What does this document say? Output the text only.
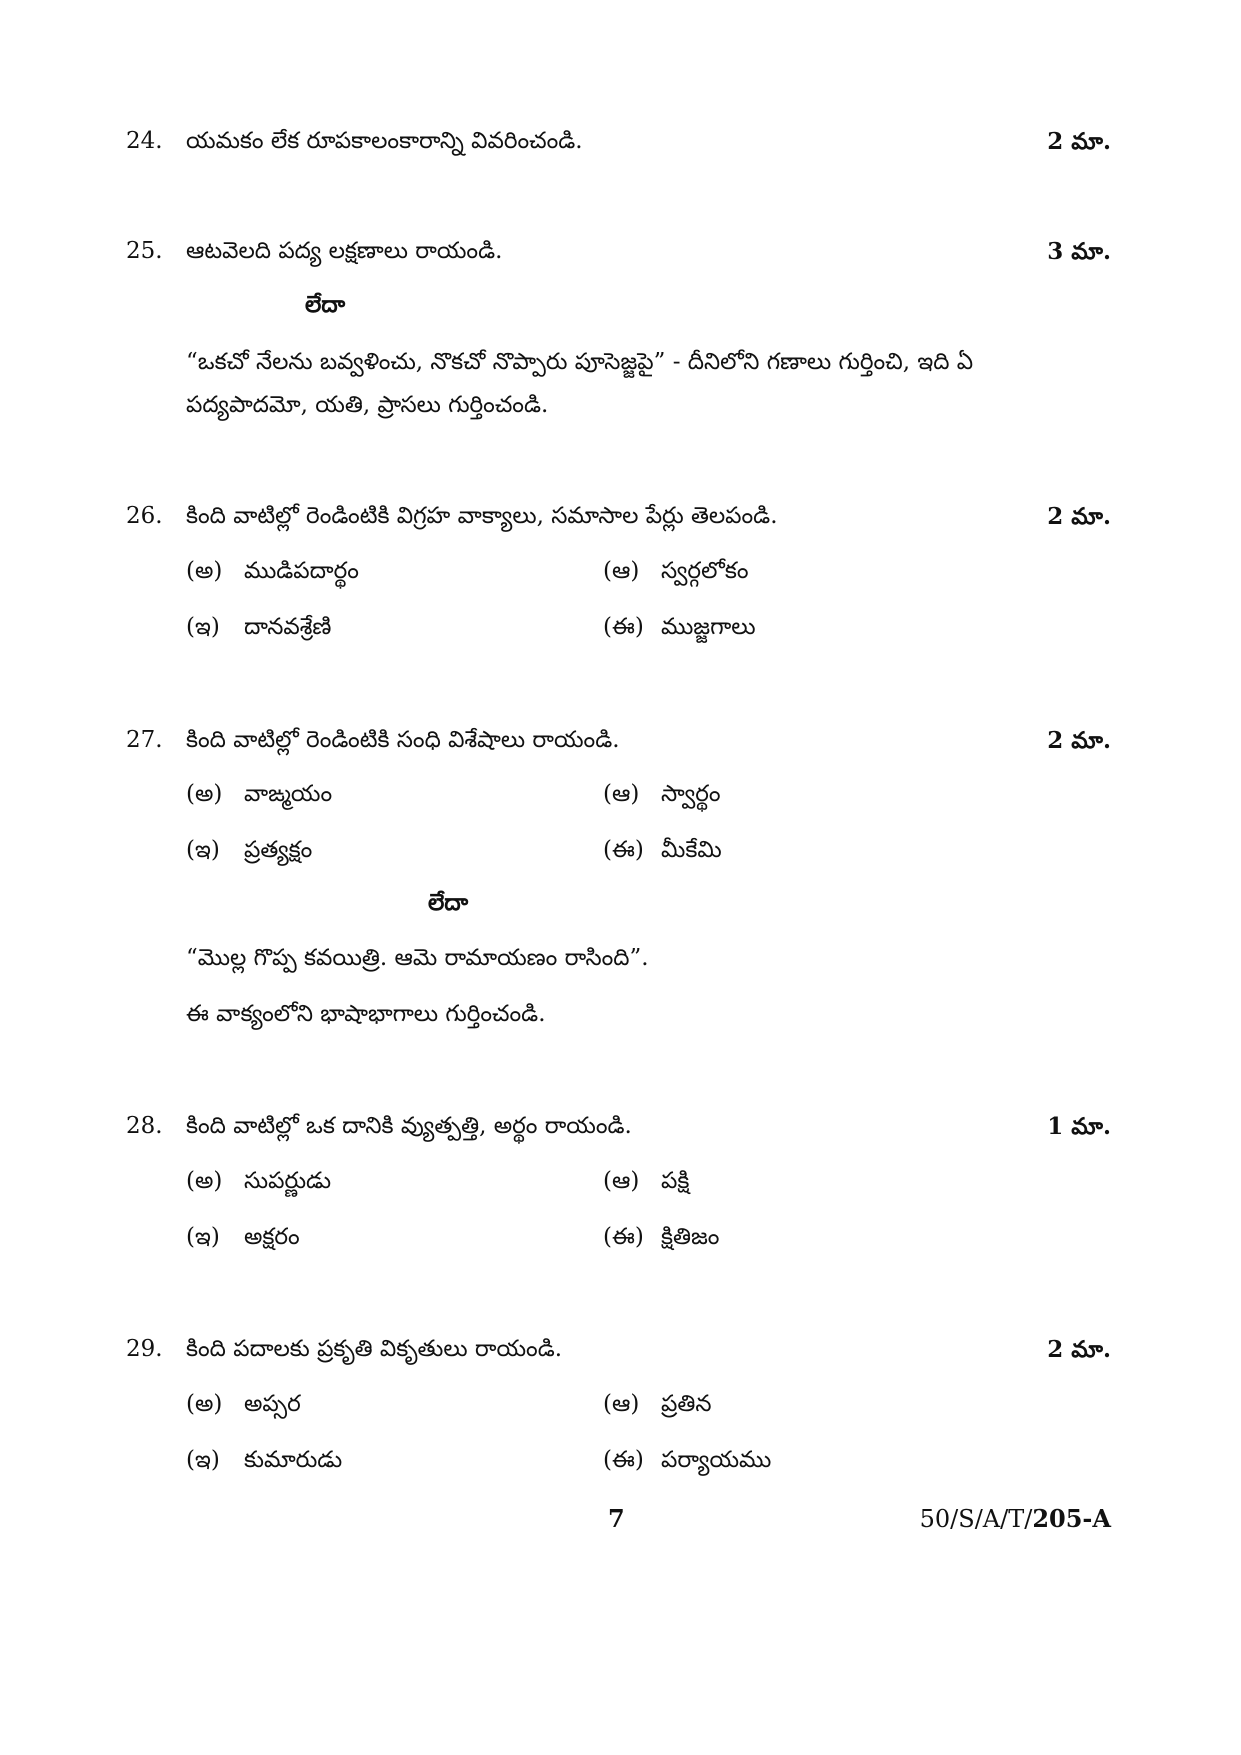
24. యమకం లేక రూపకాలంకారాన్ని వివరించండి.	2 మా.
25. ఆటవెలది పద్య లక్షణాలు రాయండి.	3 మా.
లేదా
“ఒకచో నేలను బవ్వళించు, నొకచో నొప్పారు పూసెజ్జపై” - దీనిలోని గణాలు గుర్తించి, ఇది ఏ
పద్యపాదమో, యతి, ప్రాసలు గుర్తించండి.
26. కింది వాటిల్లో రెండింటికి విగ్రహ వాక్యాలు, సమాసాల పేర్లు తెలపండి.	2 మా.
(అ) ముడిపదార్థం	(ఆ) స్వర్గలోకం
(ఇ) దానవశ్రేణి	(ఈ) ముజ్జగాలు
27. కింది వాటిల్లో రెండింటికి సంధి విశేషాలు రాయండి.	2 మా.
(అ) వాఙ్మయం	(ఆ) స్వార్థం
(ఇ) ప్రత్యక్షం	(ఈ) మీకేమి
లేదా
“మొల్ల గొప్ప కవయిత్రి. ఆమె రామాయణం రాసింది”.
ఈ వాక్యంలోని భాషాభాగాలు గుర్తించండి.
28. కింది వాటిల్లో ఒక దానికి వ్యుత్పత్తి, అర్థం రాయండి.	1 మా.
(అ) సుపర్ణుడు	(ఆ) పక్షి
(ఇ) అక్షరం	(ఈ) క్షితిజం
29. కింది పదాలకు ప్రకృతి వికృతులు రాయండి.	2 మా.
(అ) అప్సర	(ఆ) ప్రతిన
(ఇ) కుమారుడు	(ఈ) పర్యాయము
7	50/S/A/T/205-A
